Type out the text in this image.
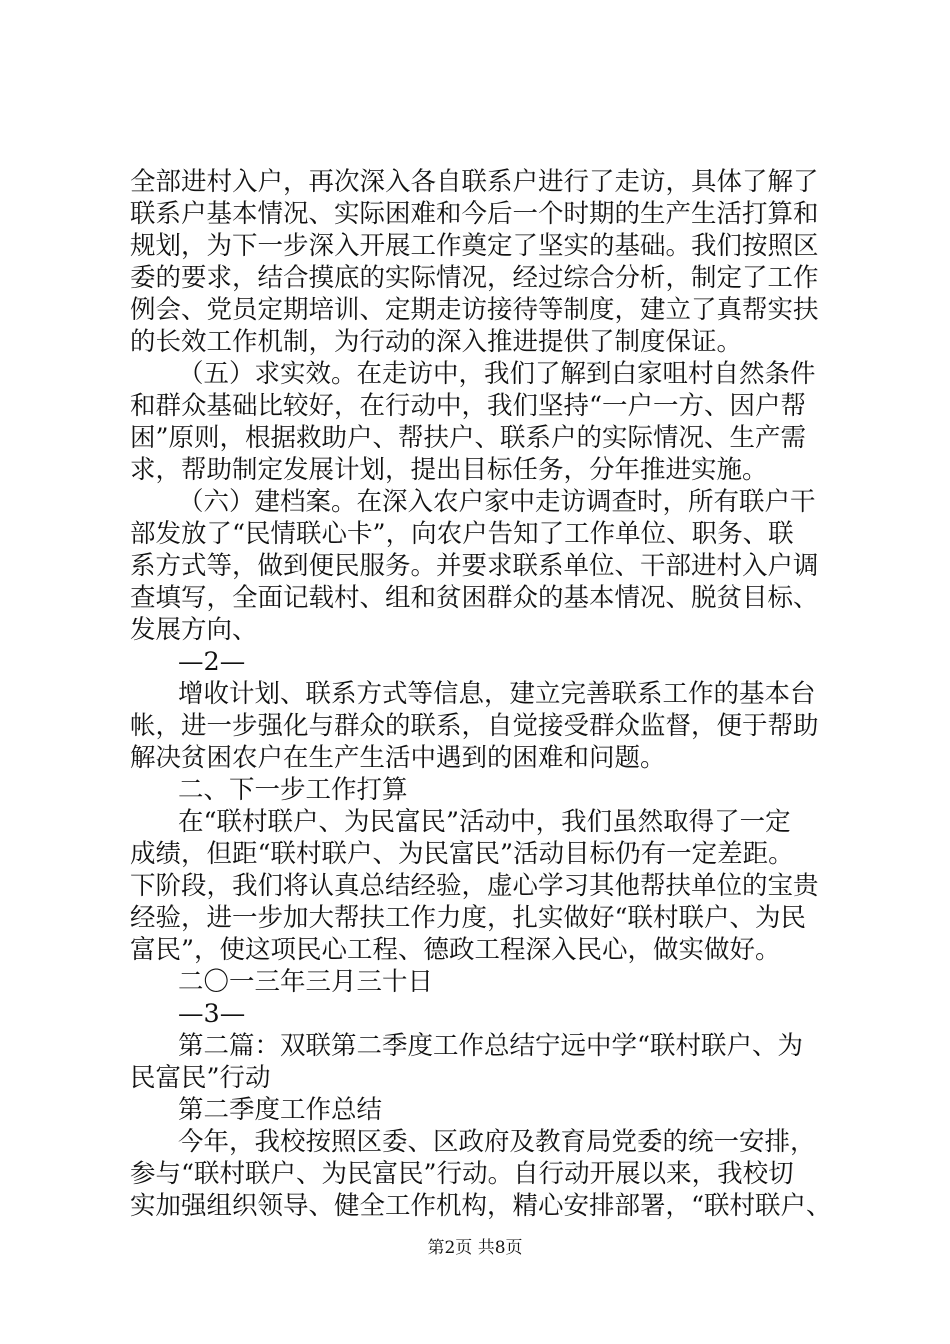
全部进村入户，再次深入各自联系户进行了走访，具体了解了
联系户基本情况、实际困难和今后一个时期的生产生活打算和
规划，为下一步深入开展工作奠定了坚实的基础。我们按照区
委的要求，结合摸底的实际情况，经过综合分析，制定了工作
例会、党员定期培训、定期走访接待等制度，建立了真帮实扶
的长效工作机制，为行动的深入推进提供了制度保证。
（五）求实效。在走访中，我们了解到白家咀村自然条件
和群众基础比较好，在行动中，我们坚持“一户一方、因户帮
困”原则，根据救助户、帮扶户、联系户的实际情况、生产需
求，帮助制定发展计划，提出目标任务，分年推进实施。
（六）建档案。在深入农户家中走访调查时，所有联户干
部发放了“民情联心卡”，向农户告知了工作单位、职务、联
系方式等，做到便民服务。并要求联系单位、干部进村入户调
查填写，全面记载村、组和贫困群众的基本情况、脱贫目标、
发展方向、
—2—
增收计划、联系方式等信息，建立完善联系工作的基本台
帐，进一步强化与群众的联系，自觉接受群众监督，便于帮助
解决贫困农户在生产生活中遇到的困难和问题。
二、下一步工作打算
在“联村联户、为民富民”活动中，我们虽然取得了一定
成绩，但距“联村联户、为民富民”活动目标仍有一定差距。
下阶段，我们将认真总结经验，虚心学习其他帮扶单位的宝贵
经验，进一步加大帮扶工作力度，扎实做好“联村联户、为民
富民”，使这项民心工程、德政工程深入民心，做实做好。
二〇一三年三月三十日
—3—
第二篇：双联第二季度工作总结宁远中学“联村联户、为
民富民”行动
第二季度工作总结
今年，我校按照区委、区政府及教育局党委的统一安排，
参与“联村联户、为民富民”行动。自行动开展以来，我校切
实加强组织领导、健全工作机构，精心安排部署，“联村联户、
第2页 共8页
